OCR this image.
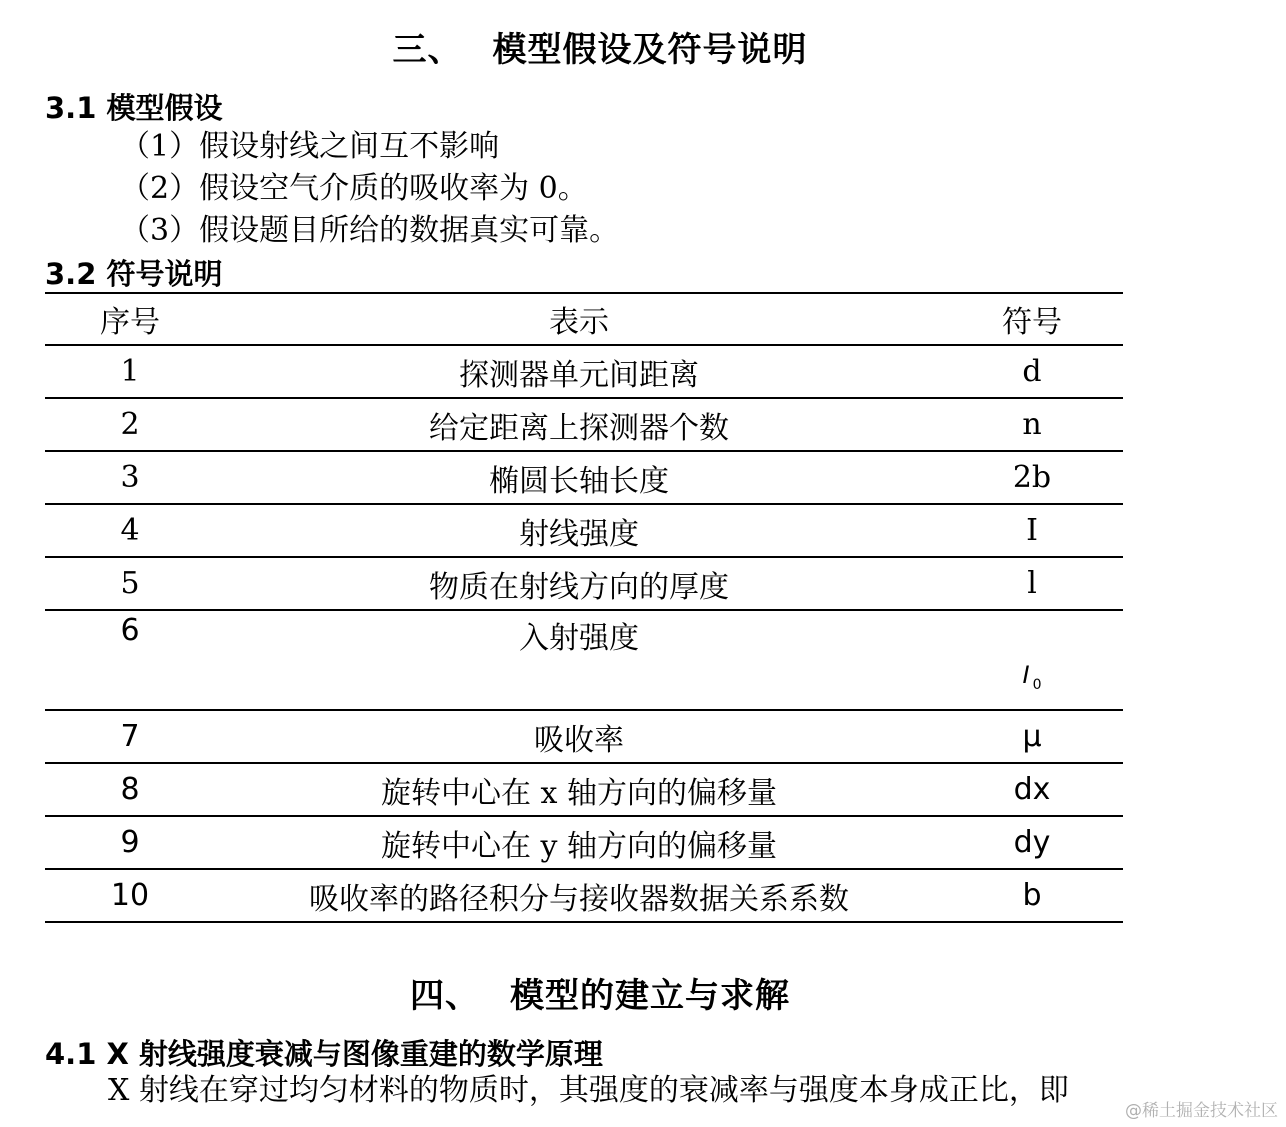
三、 模型假设及符号说明
3.1 模型假设
（1）假设射线之间互不影响
（2）假设空气介质的吸收率为 0。
（3）假设题目所给的数据真实可靠。
3.2 符号说明
序号	表示	符号
1	探测器单元间距离	d
2	给定距离上探测器个数	n
3	椭圆长轴长度	2b
4	射线强度	I
5	物质在射线方向的厚度	l
6	入射强度	I $_0$
7	吸收率	μ
8	旋转中心在 x 轴方向的偏移量	dx
9	旋转中心在 y 轴方向的偏移量	dy
10	吸收率的路径积分与接收器数据关系系数	b
四、 模型的建立与求解
4.1 X 射线强度衰减与图像重建的数学原理
X 射线在穿过均匀材料的物质时，其强度的衰减率与强度本身成正比，即
@稀土掘金技术社区
